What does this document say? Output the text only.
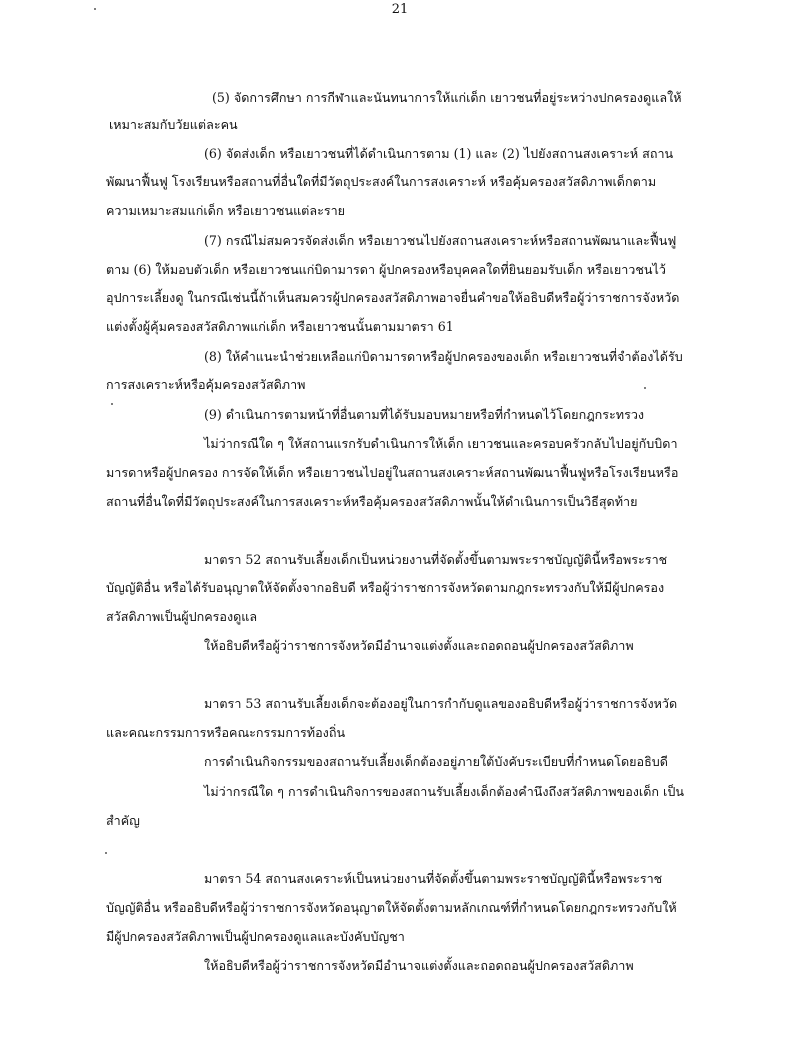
21
(5) จัดการศึกษา การกีฬาและนันทนาการให้แก่เด็ก เยาวชนที่อยู่ระหว่างปกครองดูแลให้
เหมาะสมกับวัยแต่ละคน
(6) จัดส่งเด็ก หรือเยาวชนที่ได้ดำเนินการตาม (1) และ (2) ไปยังสถานสงเคราะห์ สถาน
พัฒนาฟื้นฟู โรงเรียนหรือสถานที่อื่นใดที่มีวัตถุประสงค์ในการสงเคราะห์ หรือคุ้มครองสวัสดิภาพเด็กตาม
ความเหมาะสมแก่เด็ก หรือเยาวชนแต่ละราย
(7) กรณีไม่สมควรจัดส่งเด็ก หรือเยาวชนไปยังสถานสงเคราะห์หรือสถานพัฒนาและฟื้นฟู
ตาม (6) ให้มอบตัวเด็ก หรือเยาวชนแก่บิดามารดา ผู้ปกครองหรือบุคคลใดที่ยินยอมรับเด็ก หรือเยาวชนไว้
อุปการะเลี้ยงดู ในกรณีเช่นนี้ถ้าเห็นสมควรผู้ปกครองสวัสดิภาพอาจยื่นคำขอให้อธิบดีหรือผู้ว่าราชการจังหวัด
แต่งตั้งผู้คุ้มครองสวัสดิภาพแก่เด็ก หรือเยาวชนนั้นตามมาตรา 61
(8) ให้คำแนะนำช่วยเหลือแก่บิดามารดาหรือผู้ปกครองของเด็ก หรือเยาวชนที่จำต้องได้รับ
การสงเคราะห์หรือคุ้มครองสวัสดิภาพ
(9) ดำเนินการตามหน้าที่อื่นตามที่ได้รับมอบหมายหรือที่กำหนดไว้โดยกฎกระทรวง
ไม่ว่ากรณีใด ๆ ให้สถานแรกรับดำเนินการให้เด็ก เยาวชนและครอบครัวกลับไปอยู่กับบิดา
มารดาหรือผู้ปกครอง การจัดให้เด็ก หรือเยาวชนไปอยู่ในสถานสงเคราะห์สถานพัฒนาฟื้นฟูหรือโรงเรียนหรือ
สถานที่อื่นใดที่มีวัตถุประสงค์ในการสงเคราะห์หรือคุ้มครองสวัสดิภาพนั้นให้ดำเนินการเป็นวิธีสุดท้าย
มาตรา 52 สถานรับเลี้ยงเด็กเป็นหน่วยงานที่จัดตั้งขึ้นตามพระราชบัญญัตินี้หรือพระราช
บัญญัติอื่น หรือได้รับอนุญาตให้จัดตั้งจากอธิบดี หรือผู้ว่าราชการจังหวัดตามกฎกระทรวงกับให้มีผู้ปกครอง
สวัสดิภาพเป็นผู้ปกครองดูแล
ให้อธิบดีหรือผู้ว่าราชการจังหวัดมีอำนาจแต่งตั้งและถอดถอนผู้ปกครองสวัสดิภาพ
มาตรา 53 สถานรับเลี้ยงเด็กจะต้องอยู่ในการกำกับดูแลของอธิบดีหรือผู้ว่าราชการจังหวัด
และคณะกรรมการหรือคณะกรรมการท้องถิ่น
การดำเนินกิจกรรมของสถานรับเลี้ยงเด็กต้องอยู่ภายใต้บังคับระเบียบที่กำหนดโดยอธิบดี
ไม่ว่ากรณีใด ๆ การดำเนินกิจการของสถานรับเลี้ยงเด็กต้องคำนึงถึงสวัสดิภาพของเด็ก เป็น
สำคัญ
มาตรา 54 สถานสงเคราะห์เป็นหน่วยงานที่จัดตั้งขึ้นตามพระราชบัญญัตินี้หรือพระราช
บัญญัติอื่น หรืออธิบดีหรือผู้ว่าราชการจังหวัดอนุญาตให้จัดตั้งตามหลักเกณฑ์ที่กำหนดโดยกฎกระทรวงกับให้
มีผู้ปกครองสวัสดิภาพเป็นผู้ปกครองดูแลและบังคับบัญชา
ให้อธิบดีหรือผู้ว่าราชการจังหวัดมีอำนาจแต่งตั้งและถอดถอนผู้ปกครองสวัสดิภาพ
